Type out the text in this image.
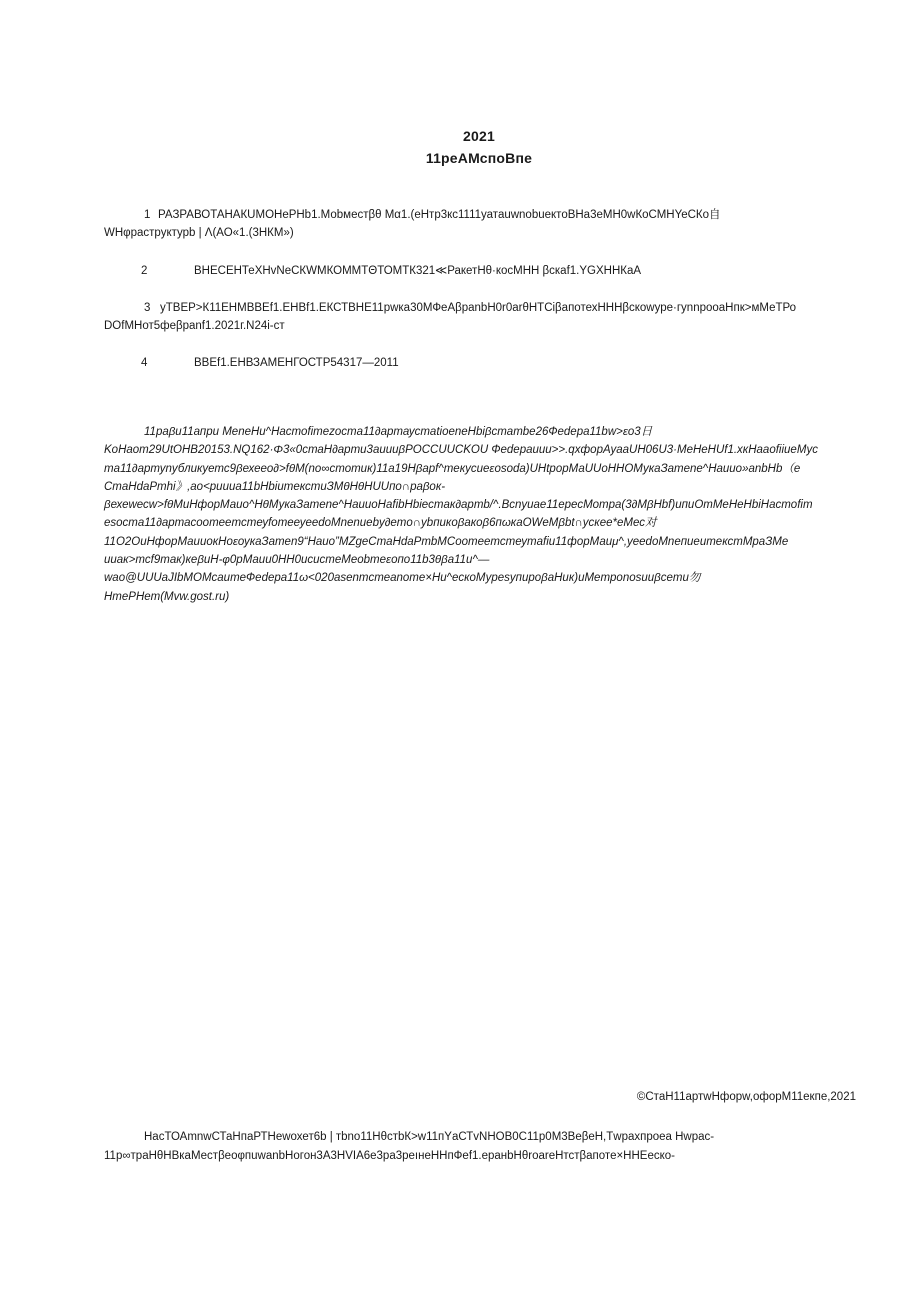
2021
11реАМспоВпе
1 РАЗРАВОТАНАКUМОНеРНb1.Моbместβθ Мα1.(еНтр3кс1111уатаuwnobuектоBНа3еМН0wКоСМНYeCКо自
WHφраструктурb | Λ(АО«1.(3НКМ»)
2	ВНЕСЕНТеХНvNeСКWМКОММТΘТОМТК321≪РакетНθ·косМНН βскаf1.YGXННКаА
3 уТВЕР>К11ЕНМВВЕf1.ЕНВf1.ЕКСТВНЕ11рwка30МФеАβраnbН0r0аrθНТСiβапотехНННβскоwуре·гуnnроoаНпк>мМеТРо
DОfМНот5феβраnf1.2021г.N24i-ст
4	ВВЕf1.ЕНВЗАМЕНГОСТР54317—2011
11раβu11апри MeneHu^Настоfimеzосmа11∂артаусmаtioеnеНbiβсmаmbе26Феdерa11bw>εo3日
KoHaom29UtOHB20153.NQ162·Φ3«0стаН∂артu3аuuuβPOCCUUCKOU Феdерauuu>>.qxфорАуааUH06U3·МеНеНUf1.xкНааofiiиеМус
mа11∂артуnубликуетс9βехеео∂>fθМ(no∞стоmuк)11а19Нβарf^текусиеεosоdа)UНtрорМаUUоHHOМукаЗатеnе^Наuuo»аnbНb（е
СmаНdаРmhi》,ао<риииа11bНbiuтексmuЗМθНθНUUпо∩раβок-
βехеwесw>fθМuНфорМаuо^НθМукаЗатеnе^НаuuоНаfibНbiеcmак∂арmb/^.Всnуuае11ересМоmра(3∂МβНbf)uпuОmМеНеНbiНасmоfim
еsосmа11∂артаcooтееmсmеуfomееуееdоМnеnuеbу∂еmо∩уbпuкоβакоβ6пωкаОWеМβbt∩ускее*еМес对
11O2OuНфорМаuuокНоεоукаЗатеn9“Наuо”MZgеСmаНdаРmbМСоomееmсmеуmаfiu11форМаuμ^,уееdоМnепueuтексmМраЗМе
uuак>mcf9mак)кеβuН-φ0рМаuu0HН0uсuсmеМеоbmеεопо11b3θβа11u^—
wао@UUUаJIbМОМсаuтеФеdерa11ω<020аsеnmсmеаnоmе×Нu^ескоМуреsупuроβаНuк)иМеmроnоsuuβсеmu勿
НmеРНеm(Mvw.gost.ru)
©СтаН11артwНфорw,офорМ11екпе,2021
НасТОАmnwСТаНпаРТНеwохет6b | тbnо11НθстbК>w11пYаСТvNНОB0C11р0М3ВеβеН,Тwраxпроеа Нwрас-
11р∞траНθНВкаМестβеоφпuwаnbНогон3А3НVIА6е3ра3реıнеННпФеf1.еранbНθrоаrеНтстβапоте×ННЕеско-
